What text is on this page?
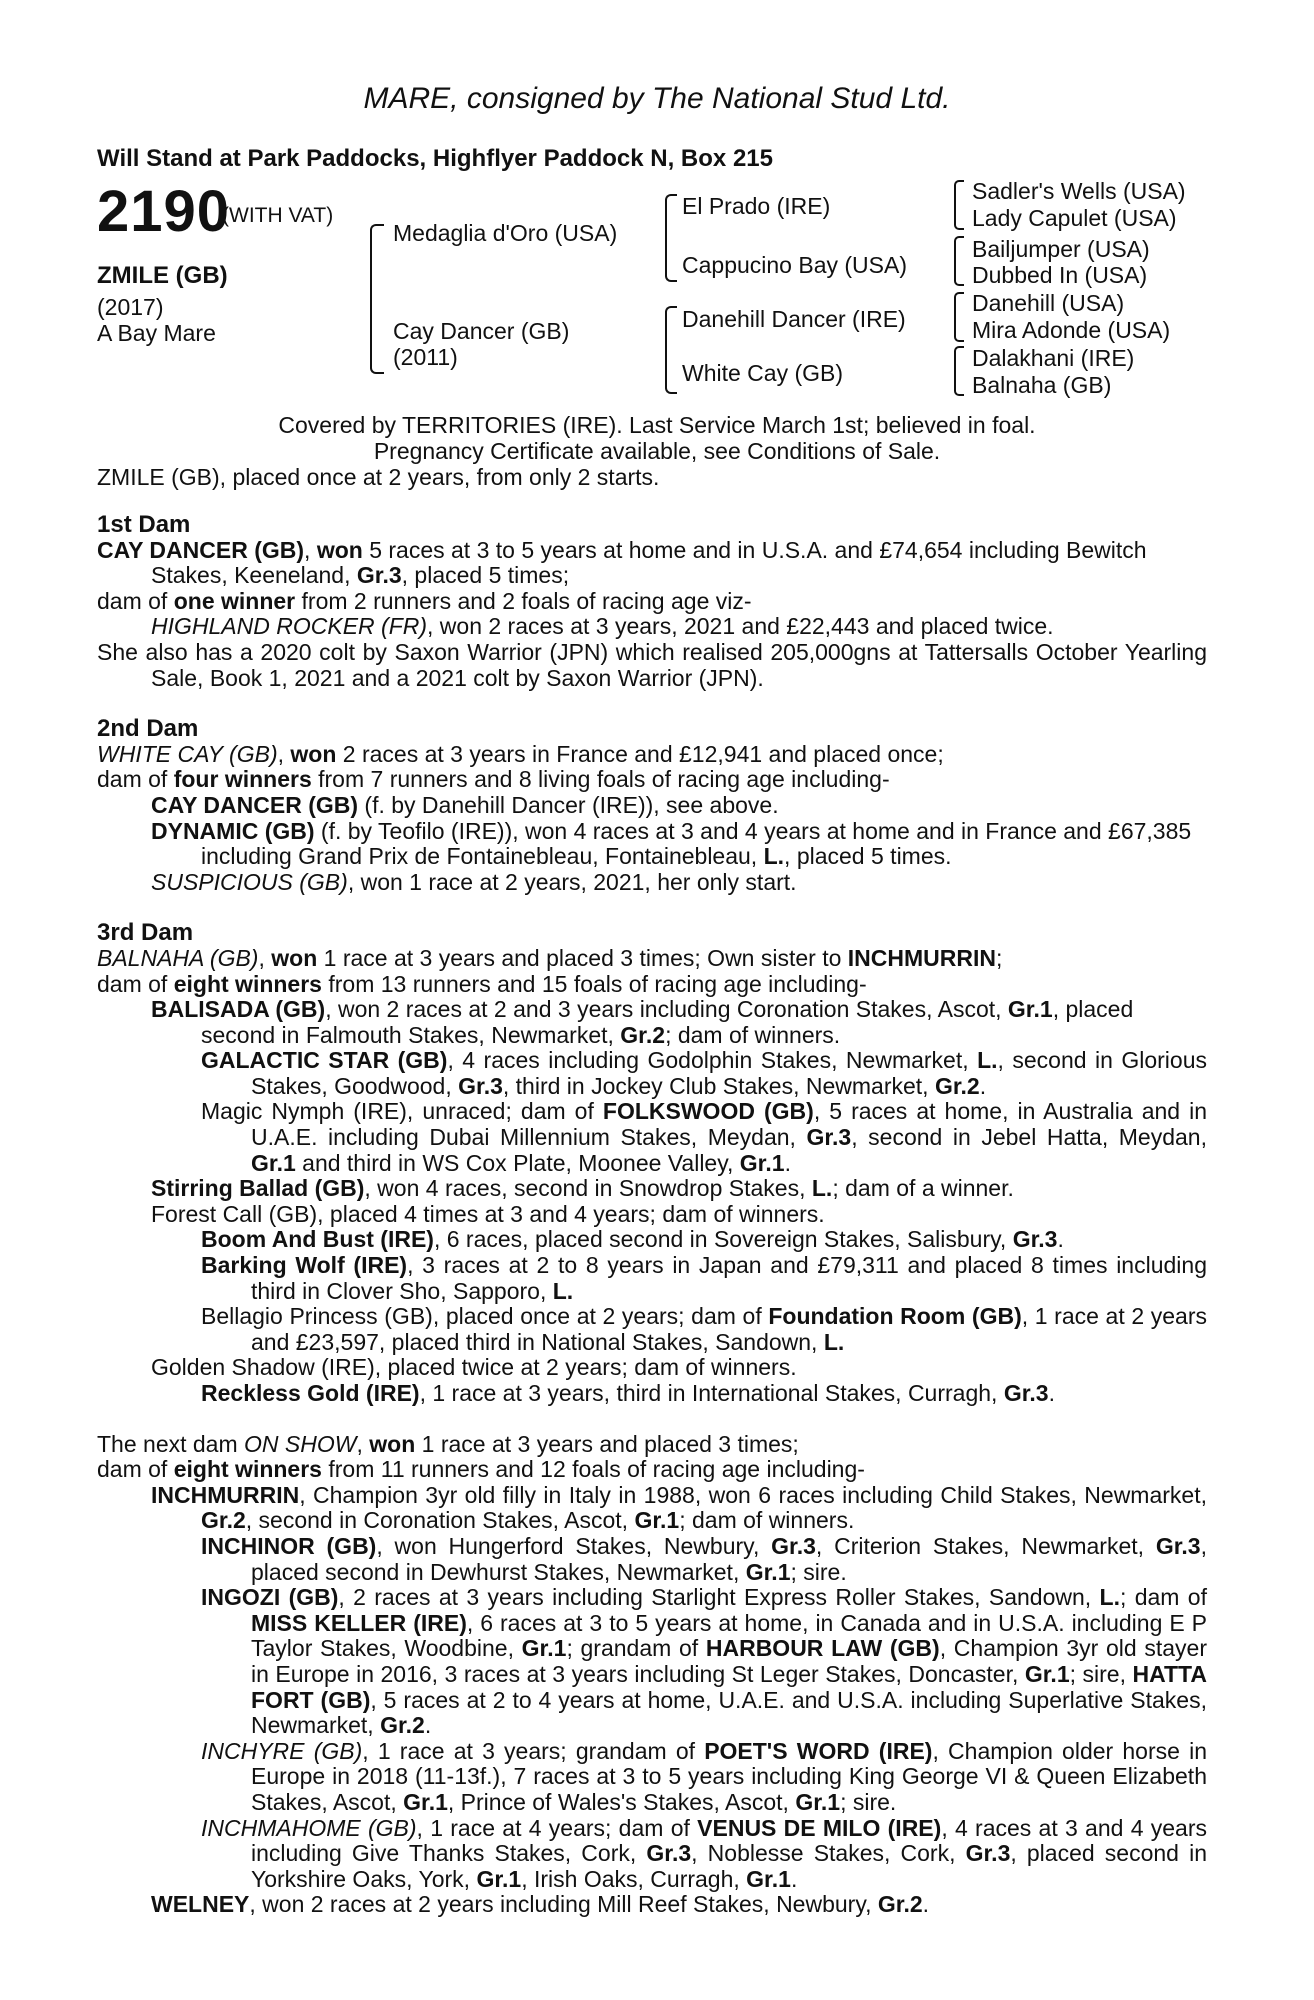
MARE, consigned by The National Stud Ltd.
Will Stand at Park Paddocks, Highflyer Paddock N, Box 215
2190
(WITH VAT)
ZMILE (GB)
(2017)
A Bay Mare
Medaglia d'Oro (USA)
Cay Dancer (GB)
(2011)
El Prado (IRE)
Cappucino Bay (USA)
Danehill Dancer (IRE)
White Cay (GB)
Sadler's Wells (USA)
Lady Capulet (USA)
Bailjumper (USA)
Dubbed In (USA)
Danehill (USA)
Mira Adonde (USA)
Dalakhani (IRE)
Balnaha (GB)
Covered by TERRITORIES (IRE). Last Service March 1st; believed in foal.
Pregnancy Certificate available, see Conditions of Sale.
ZMILE (GB), placed once at 2 years, from only 2 starts.

1st Dam

CAY DANCER (GB), won 5 races at 3 to 5 years at home and in U.S.A. and £74,654 including Bewitch Stakes, Keeneland, Gr.3, placed 5 times;

dam of one winner from 2 runners and 2 foals of racing age viz-

HIGHLAND ROCKER (FR), won 2 races at 3 years, 2021 and £22,443 and placed twice.

She also has a 2020 colt by Saxon Warrior (JPN) which realised 205,000gns at Tattersalls October Yearling Sale, Book 1, 2021 and a 2021 colt by Saxon Warrior (JPN).

2nd Dam

WHITE CAY (GB), won 2 races at 3 years in France and £12,941 and placed once;

dam of four winners from 7 runners and 8 living foals of racing age including-

CAY DANCER (GB) (f. by Danehill Dancer (IRE)), see above.

DYNAMIC (GB) (f. by Teofilo (IRE)), won 4 races at 3 and 4 years at home and in France and £67,385 including Grand Prix de Fontainebleau, Fontainebleau, L., placed 5 times.

SUSPICIOUS (GB), won 1 race at 2 years, 2021, her only start.

3rd Dam

BALNAHA (GB), won 1 race at 3 years and placed 3 times; Own sister to INCHMURRIN;

dam of eight winners from 13 runners and 15 foals of racing age including-

BALISADA (GB), won 2 races at 2 and 3 years including Coronation Stakes, Ascot, Gr.1, placed second in Falmouth Stakes, Newmarket, Gr.2; dam of winners.

GALACTIC STAR (GB), 4 races including Godolphin Stakes, Newmarket, L., second in Glorious Stakes, Goodwood, Gr.3, third in Jockey Club Stakes, Newmarket, Gr.2.

Magic Nymph (IRE), unraced; dam of FOLKSWOOD (GB), 5 races at home, in Australia and in U.A.E. including Dubai Millennium Stakes, Meydan, Gr.3, second in Jebel Hatta, Meydan, Gr.1 and third in WS Cox Plate, Moonee Valley, Gr.1.

Stirring Ballad (GB), won 4 races, second in Snowdrop Stakes, L.; dam of a winner.

Forest Call (GB), placed 4 times at 3 and 4 years; dam of winners.

Boom And Bust (IRE), 6 races, placed second in Sovereign Stakes, Salisbury, Gr.3.

Barking Wolf (IRE), 3 races at 2 to 8 years in Japan and £79,311 and placed 8 times including third in Clover Sho, Sapporo, L.

Bellagio Princess (GB), placed once at 2 years; dam of Foundation Room (GB), 1 race at 2 years and £23,597, placed third in National Stakes, Sandown, L.

Golden Shadow (IRE), placed twice at 2 years; dam of winners.

Reckless Gold (IRE), 1 race at 3 years, third in International Stakes, Curragh, Gr.3.

The next dam ON SHOW, won 1 race at 3 years and placed 3 times;

dam of eight winners from 11 runners and 12 foals of racing age including-

INCHMURRIN, Champion 3yr old filly in Italy in 1988, won 6 races including Child Stakes, Newmarket, Gr.2, second in Coronation Stakes, Ascot, Gr.1; dam of winners.

INCHINOR (GB), won Hungerford Stakes, Newbury, Gr.3, Criterion Stakes, Newmarket, Gr.3, placed second in Dewhurst Stakes, Newmarket, Gr.1; sire.

INGOZI (GB), 2 races at 3 years including Starlight Express Roller Stakes, Sandown, L.; dam of MISS KELLER (IRE), 6 races at 3 to 5 years at home, in Canada and in U.S.A. including E P Taylor Stakes, Woodbine, Gr.1; grandam of HARBOUR LAW (GB), Champion 3yr old stayer in Europe in 2016, 3 races at 3 years including St Leger Stakes, Doncaster, Gr.1; sire, HATTA FORT (GB), 5 races at 2 to 4 years at home, U.A.E. and U.S.A. including Superlative Stakes, Newmarket, Gr.2.

INCHYRE (GB), 1 race at 3 years; grandam of POET'S WORD (IRE), Champion older horse in Europe in 2018 (11-13f.), 7 races at 3 to 5 years including King George VI & Queen Elizabeth Stakes, Ascot, Gr.1, Prince of Wales's Stakes, Ascot, Gr.1; sire.

INCHMAHOME (GB), 1 race at 4 years; dam of VENUS DE MILO (IRE), 4 races at 3 and 4 years including Give Thanks Stakes, Cork, Gr.3, Noblesse Stakes, Cork, Gr.3, placed second in Yorkshire Oaks, York, Gr.1, Irish Oaks, Curragh, Gr.1.

WELNEY, won 2 races at 2 years including Mill Reef Stakes, Newbury, Gr.2.
